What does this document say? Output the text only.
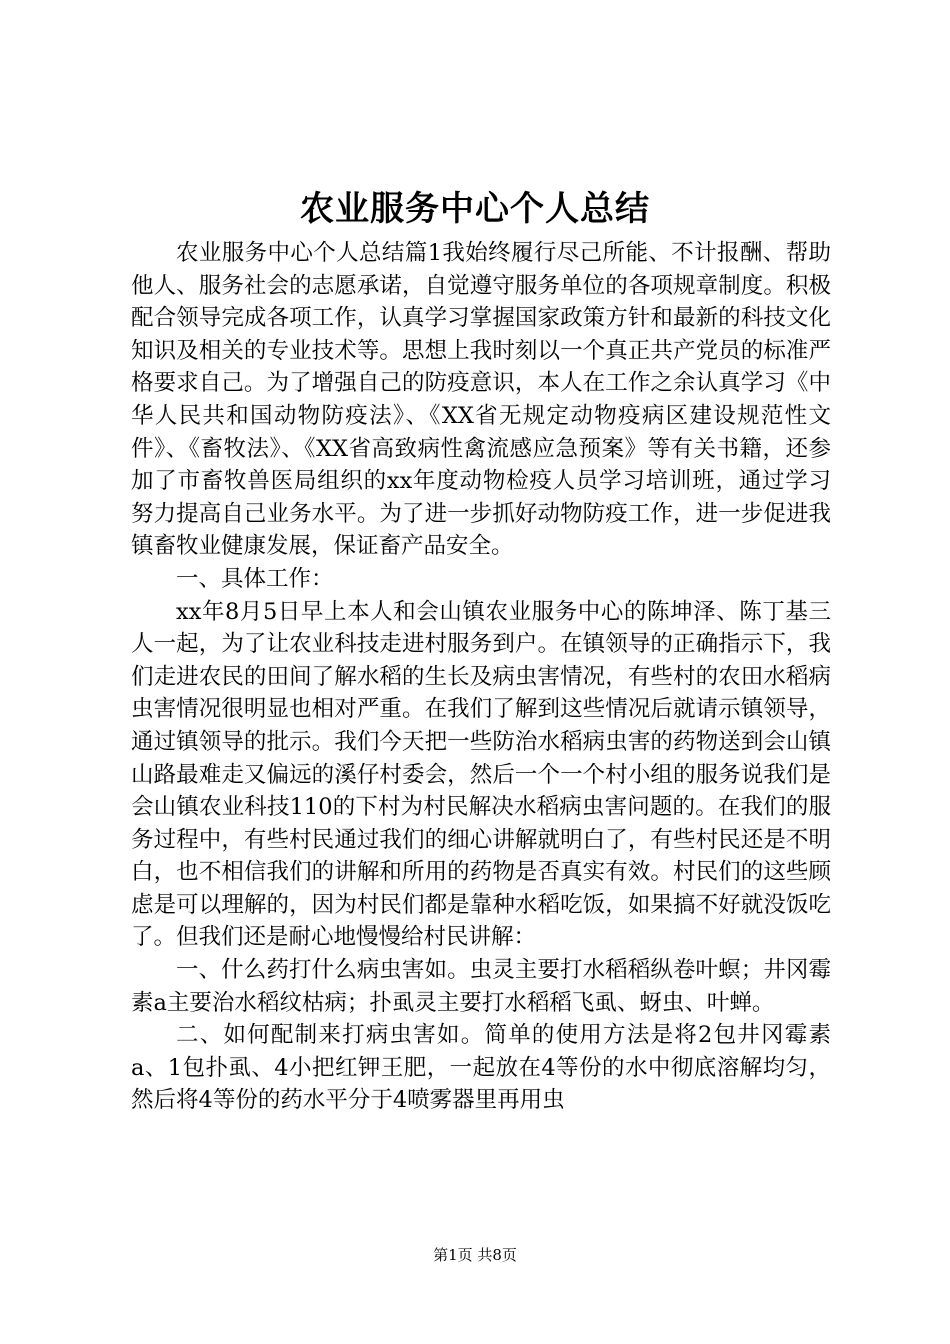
农业服务中心个人总结

农业服务中心个人总结篇1我始终履行尽己所能、不计报酬、帮助他人、服务社会的志愿承诺，自觉遵守服务单位的各项规章制度。积极配合领导完成各项工作，认真学习掌握国家政策方针和最新的科技文化知识及相关的专业技术等。思想上我时刻以一个真正共产党员的标准严格要求自己。为了增强自己的防疫意识，本人在工作之余认真学习《中华人民共和国动物防疫法》、《XX省无规定动物疫病区建设规范性文件》、《畜牧法》、《XX省高致病性禽流感应急预案》等有关书籍，还参加了市畜牧兽医局组织的xx年度动物检疫人员学习培训班，通过学习努力提高自己业务水平。为了进一步抓好动物防疫工作，进一步促进我镇畜牧业健康发展，保证畜产品安全。

一、具体工作：

xx年8月5日早上本人和会山镇农业服务中心的陈坤泽、陈丁基三人一起，为了让农业科技走进村服务到户。在镇领导的正确指示下，我们走进农民的田间了解水稻的生长及病虫害情况，有些村的农田水稻病虫害情况很明显也相对严重。在我们了解到这些情况后就请示镇领导，通过镇领导的批示。我们今天把一些防治水稻病虫害的药物送到会山镇山路最难走又偏远的溪仔村委会，然后一个一个村小组的服务说我们是会山镇农业科技110的下村为村民解决水稻病虫害问题的。在我们的服务过程中，有些村民通过我们的细心讲解就明白了，有些村民还是不明白，也不相信我们的讲解和所用的药物是否真实有效。村民们的这些顾虑是可以理解的，因为村民们都是靠种水稻吃饭，如果搞不好就没饭吃了。但我们还是耐心地慢慢给村民讲解：

一、什么药打什么病虫害如。虫灵主要打水稻稻纵卷叶螟；井冈霉素a主要治水稻纹枯病；扑虱灵主要打水稻稻飞虱、蚜虫、叶蝉。

二、如何配制来打病虫害如。简单的使用方法是将2包井冈霉素a、1包扑虱、4小把红钾王肥，一起放在4等份的水中彻底溶解均匀，然后将4等份的药水平分于4喷雾器里再用虫

第1页 共8页
